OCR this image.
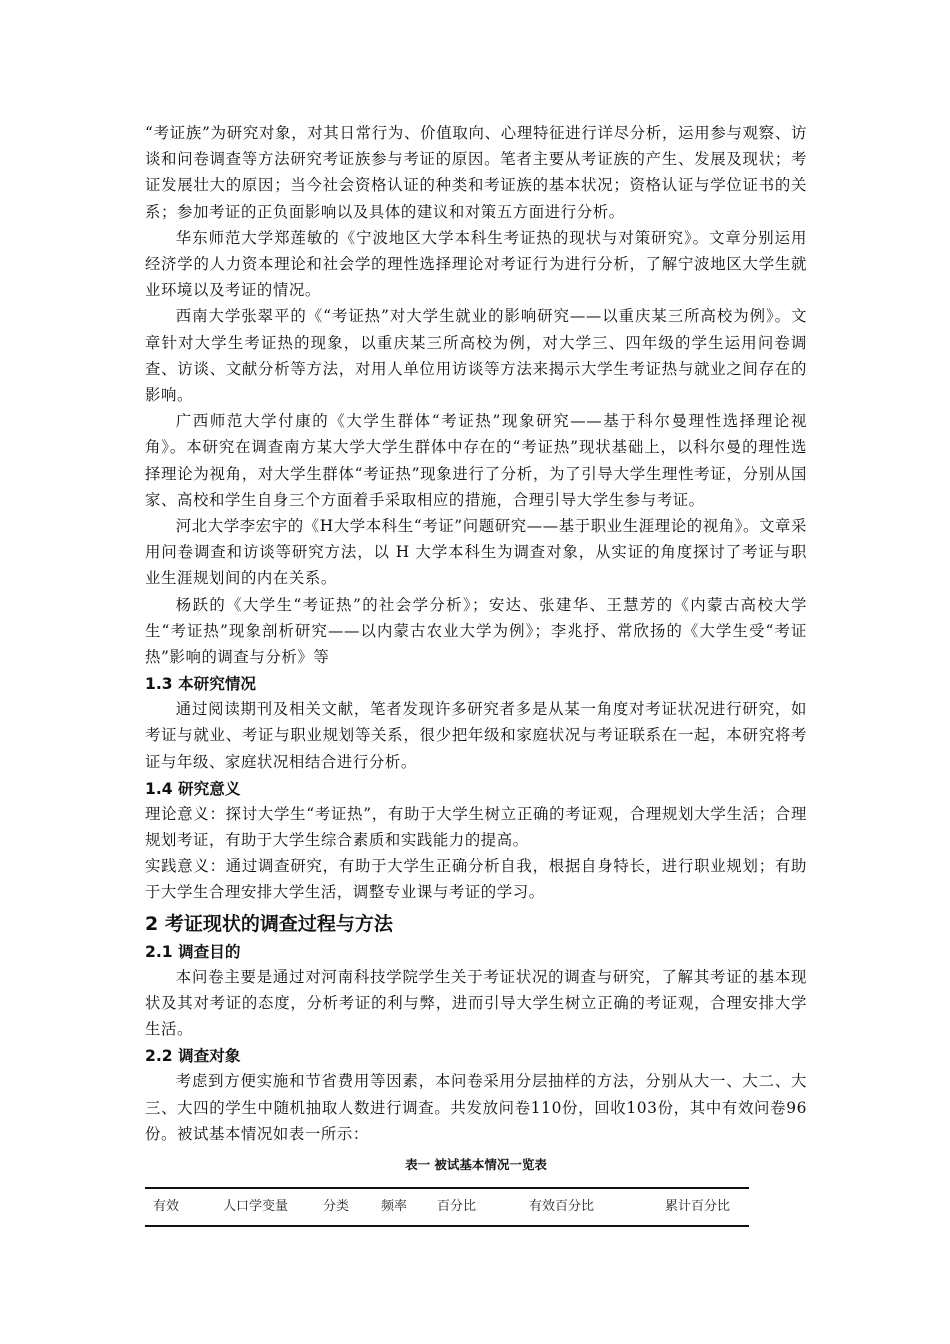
“考证族”为研究对象，对其日常行为、价值取向、心理特征进行详尽分析，运用参与观察、访谈和问卷调查等方法研究考证族参与考证的原因。笔者主要从考证族的产生、发展及现状；考证发展壮大的原因；当今社会资格认证的种类和考证族的基本状况；资格认证与学位证书的关系；参加考证的正负面影响以及具体的建议和对策五方面进行分析。

华东师范大学郑莲敏的《宁波地区大学本科生考证热的现状与对策研究》。文章分别运用经济学的人力资本理论和社会学的理性选择理论对考证行为进行分析，了解宁波地区大学生就业环境以及考证的情况。

西南大学张翠平的《“考证热”对大学生就业的影响研究——以重庆某三所高校为例》。文章针对大学生考证热的现象，以重庆某三所高校为例，对大学三、四年级的学生运用问卷调查、访谈、文献分析等方法，对用人单位用访谈等方法来揭示大学生考证热与就业之间存在的影响。

广西师范大学付康的《大学生群体“考证热”现象研究——基于科尔曼理性选择理论视角》。本研究在调查南方某大学大学生群体中存在的“考证热”现状基础上，以科尔曼的理性选择理论为视角，对大学生群体“考证热”现象进行了分析，为了引导大学生理性考证，分别从国家、高校和学生自身三个方面着手采取相应的措施，合理引导大学生参与考证。

河北大学李宏宇的《H大学本科生“考证”问题研究——基于职业生涯理论的视角》。文章采用问卷调查和访谈等研究方法，以 H 大学本科生为调查对象，从实证的角度探讨了考证与职业生涯规划间的内在关系。

杨跃的《大学生“考证热”的社会学分析》；安达、张建华、王慧芳的《内蒙古高校大学生“考证热”现象剖析研究——以内蒙古农业大学为例》；李兆抒、常欣扬的《大学生受“考证热”影响的调查与分析》等

1.3 本研究情况

通过阅读期刊及相关文献，笔者发现许多研究者多是从某一角度对考证状况进行研究，如考证与就业、考证与职业规划等关系，很少把年级和家庭状况与考证联系在一起，本研究将考证与年级、家庭状况相结合进行分析。

1.4 研究意义

理论意义：探讨大学生“考证热”，有助于大学生树立正确的考证观，合理规划大学生活；合理规划考证，有助于大学生综合素质和实践能力的提高。

实践意义：通过调查研究，有助于大学生正确分析自我，根据自身特长，进行职业规划；有助于大学生合理安排大学生活，调整专业课与考证的学习。

2 考证现状的调查过程与方法
2.1 调查目的

本问卷主要是通过对河南科技学院学生关于考证状况的调查与研究，了解其考证的基本现状及其对考证的态度，分析考证的利与弊，进而引导大学生树立正确的考证观，合理安排大学生活。

2.2 调查对象

考虑到方便实施和节省费用等因素，本问卷采用分层抽样的方法，分别从大一、大二、大三、大四的学生中随机抽取人数进行调查。共发放问卷110份，回收103份，其中有效问卷96份。被试基本情况如表一所示：

表一 被试基本情况一览表
有效	人口学变量	分类 频率 百分比	有效百分比	累计百分比
